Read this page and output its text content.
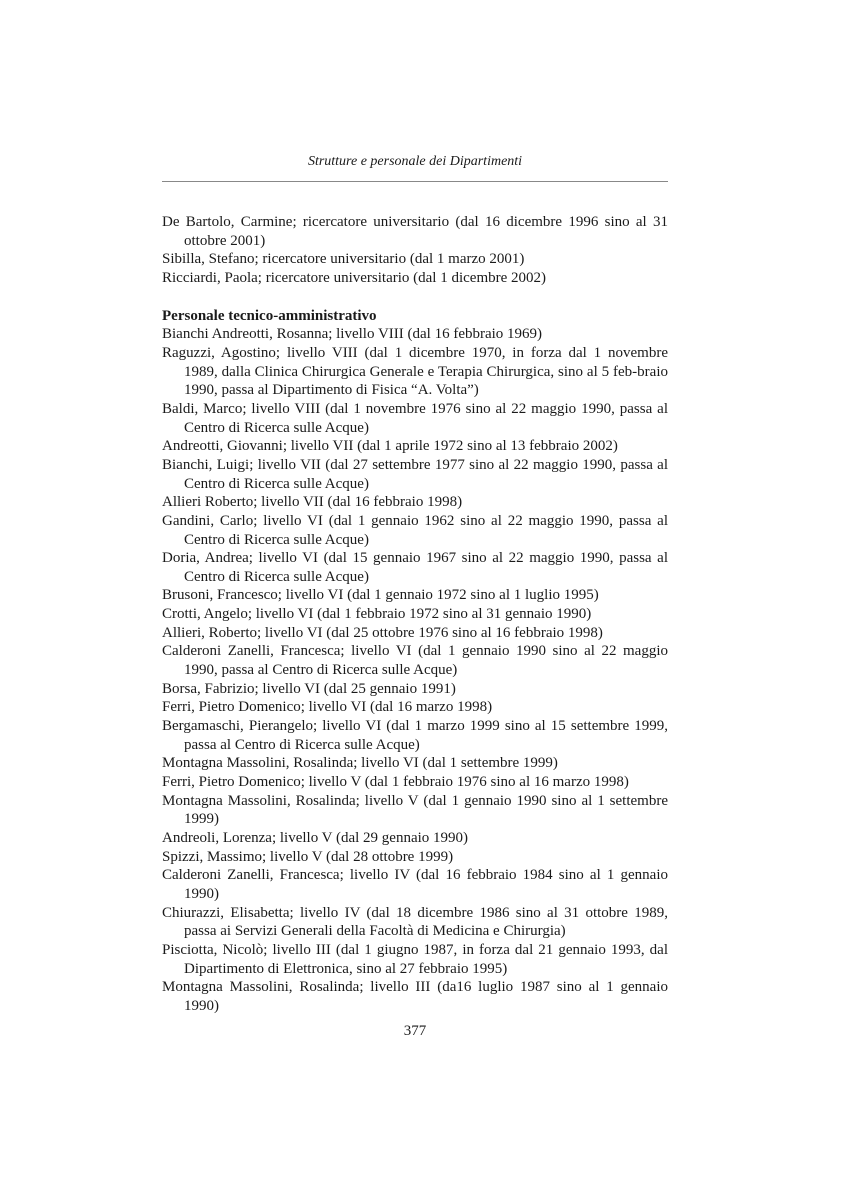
Strutture e personale dei Dipartimenti
De Bartolo, Carmine; ricercatore universitario (dal 16 dicembre 1996 sino al 31 ottobre 2001)
Sibilla, Stefano; ricercatore universitario (dal 1 marzo 2001)
Ricciardi, Paola; ricercatore universitario (dal 1 dicembre 2002)
Personale tecnico-amministrativo
Bianchi Andreotti, Rosanna; livello VIII (dal 16 febbraio 1969)
Raguzzi, Agostino; livello VIII (dal 1 dicembre 1970, in forza dal 1 novembre 1989, dalla Clinica Chirurgica Generale e Terapia Chirurgica, sino al 5 feb-braio 1990, passa al Dipartimento di Fisica “A. Volta”)
Baldi, Marco; livello VIII (dal 1 novembre 1976 sino al 22 maggio 1990, passa al Centro di Ricerca sulle Acque)
Andreotti, Giovanni; livello VII (dal 1 aprile 1972 sino al 13 febbraio 2002)
Bianchi, Luigi; livello VII (dal 27 settembre 1977 sino al 22 maggio 1990, passa al Centro di Ricerca sulle Acque)
Allieri Roberto; livello VII (dal 16 febbraio 1998)
Gandini, Carlo; livello VI (dal 1 gennaio 1962 sino al 22 maggio 1990, passa al Centro di Ricerca sulle Acque)
Doria, Andrea; livello VI (dal 15 gennaio 1967 sino al 22 maggio 1990, passa al Centro di Ricerca sulle Acque)
Brusoni, Francesco; livello VI (dal 1 gennaio 1972 sino al 1 luglio 1995)
Crotti, Angelo; livello VI (dal 1 febbraio 1972 sino al 31 gennaio 1990)
Allieri, Roberto; livello VI (dal 25 ottobre 1976 sino al 16 febbraio 1998)
Calderoni Zanelli, Francesca; livello VI (dal 1 gennaio 1990 sino al 22 maggio 1990, passa al Centro di Ricerca sulle Acque)
Borsa, Fabrizio; livello VI (dal 25 gennaio 1991)
Ferri, Pietro Domenico; livello VI (dal 16 marzo 1998)
Bergamaschi, Pierangelo; livello VI (dal 1 marzo 1999 sino al 15 settembre 1999, passa al Centro di Ricerca sulle Acque)
Montagna Massolini, Rosalinda; livello VI (dal 1 settembre 1999)
Ferri, Pietro Domenico; livello V (dal 1 febbraio 1976 sino al 16 marzo 1998)
Montagna Massolini, Rosalinda; livello V (dal 1 gennaio 1990 sino al 1 settembre 1999)
Andreoli, Lorenza; livello V (dal 29 gennaio 1990)
Spizzi, Massimo; livello V (dal 28 ottobre 1999)
Calderoni Zanelli, Francesca; livello IV (dal 16 febbraio 1984 sino al 1 gennaio 1990)
Chiurazzi, Elisabetta; livello IV (dal 18 dicembre 1986 sino al 31 ottobre 1989, passa ai Servizi Generali della Facoltà di Medicina e Chirurgia)
Pisciotta, Nicolò; livello III (dal 1 giugno 1987, in forza dal 21 gennaio 1993, dal Dipartimento di Elettronica, sino al 27 febbraio 1995)
Montagna Massolini, Rosalinda; livello III (da16 luglio 1987 sino al 1 gennaio 1990)
377
